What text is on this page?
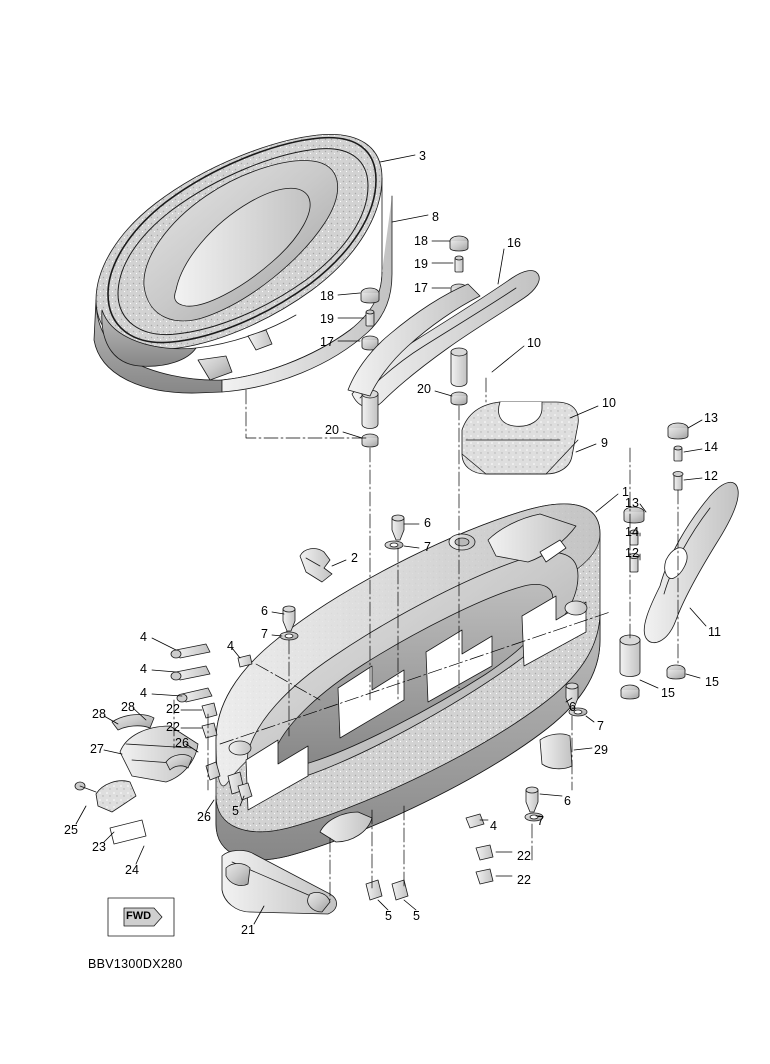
3
8
18
19
17
16
18
19
17
20
20
10
10
9
13
14
12
13
14
12
1
11
15
15
6
7
2
6
7
4
4
4
4
22
22
28 28
27	26
26
25
23
24
5
5 5
21
29
6
7
6
7
4
22
22
FWD
BBV1300DX280
